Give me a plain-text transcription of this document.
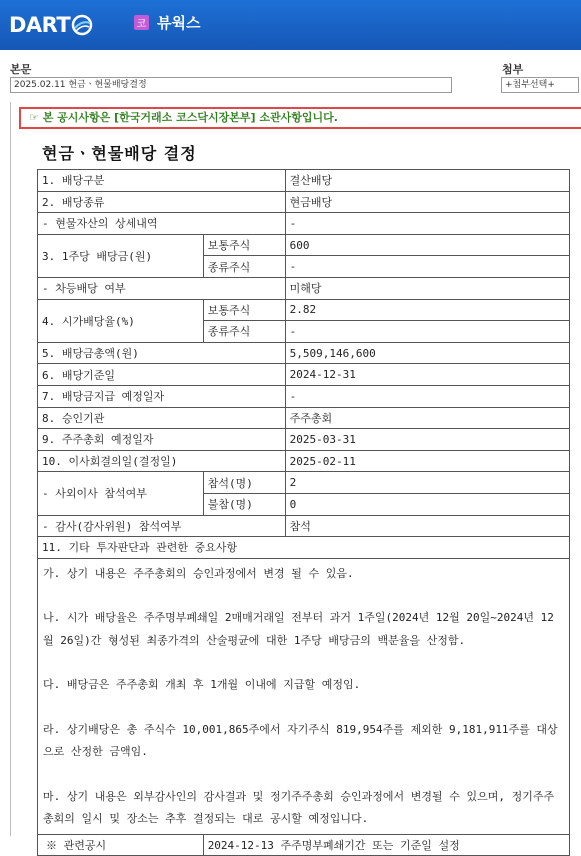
DART	코 뷰웍스
본문
2025.02.11 현금ㆍ현물배당결정
첨부
+첨부선택+
☞ 본 공시사항은 [한국거래소 코스닥시장본부] 소관사항입니다.
현금ㆍ현물배당 결정
1. 배당구분		결산배당
2. 배당종류		현금배당
- 현물자산의 상세내역		-
3. 1주당 배당금(원)	보통주식	600
	종류주식	-
- 차등배당 여부		미해당
4. 시가배당율(%)	보통주식	2.82
	종류주식	-
5. 배당금총액(원)		5,509,146,600
6. 배당기준일		2024-12-31
7. 배당금지급 예정일자		-
8. 승인기관		주주총회
9. 주주총회 예정일자		2025-03-31
10. 이사회결의일(결정일)		2025-02-11
- 사외이사 참석여부	참석(명)	2
	불참(명)	0
- 감사(감사위원) 참석여부		참석
11. 기타 투자판단과 관련한 중요사항		

가. 상기 내용은 주주총회의 승인과정에서 변경 될 수 있음.
나. 시가 배당율은 주주명부폐쇄일 2매매거래일 전부터 과거 1주일(2024년 12월 20일~2024년 12월 26일)간 형성된 최종가격의 산술평균에 대한 1주당 배당금의 백분율을 산정함.
다. 배당금은 주주총회 개최 후 1개월 이내에 지급할 예정임.
라. 상기배당은 총 주식수 10,001,865주에서 자기주식 819,954주를 제외한 9,181,911주를 대상으로 산정한 금액임.
마. 상기 내용은 외부감사인의 감사결과 및 정기주주총회 승인과정에서 변경될 수 있으며, 정기주주총회의 일시 및 장소는 추후 결정되는 대로 공시할 예정입니다.		

※ 관련공시	2024-12-13 주주명부폐쇄기간 또는 기준일 설정	
